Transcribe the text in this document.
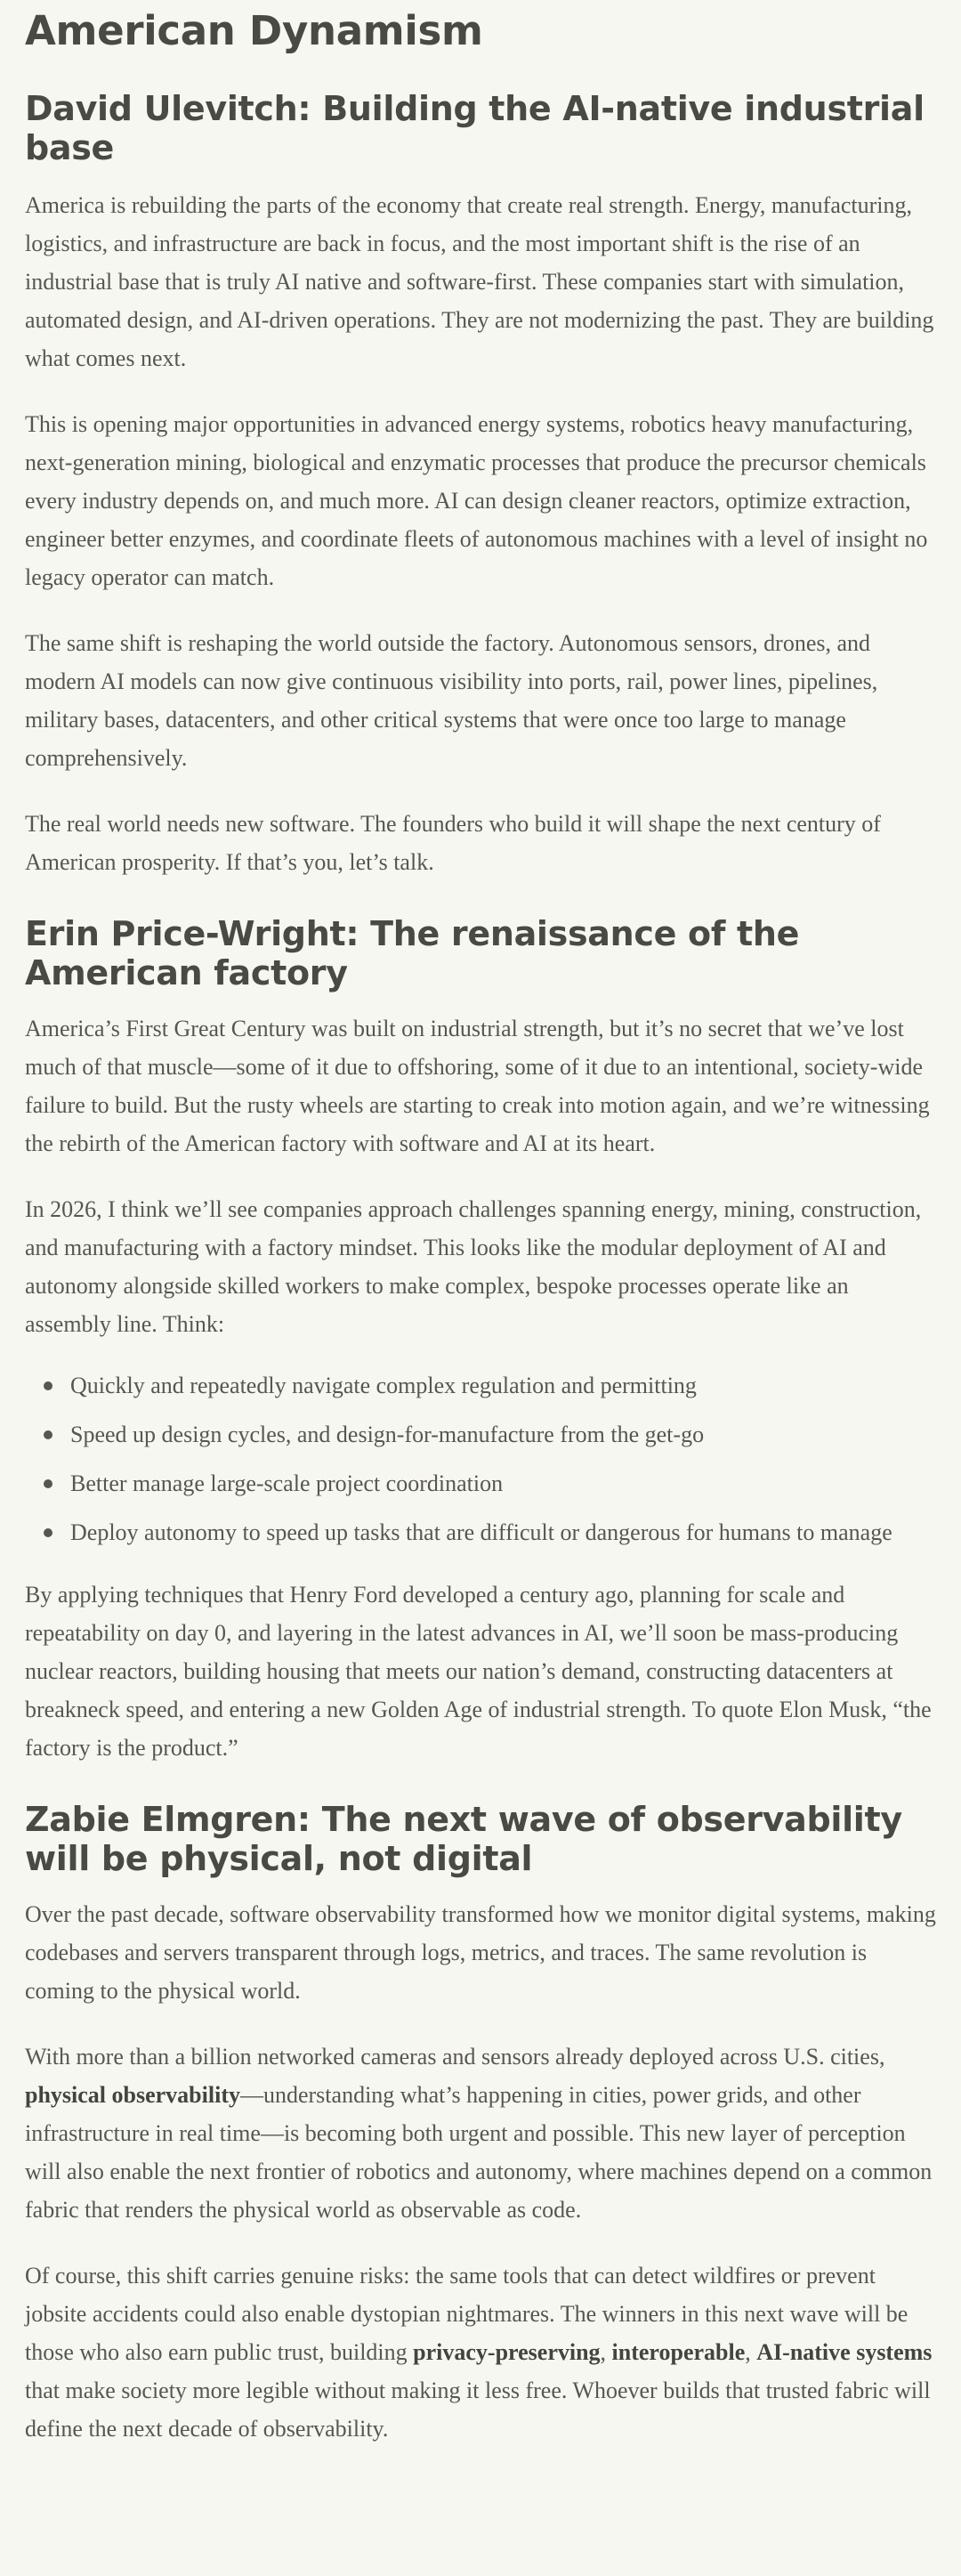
American Dynamism
David Ulevitch: Building the AI-native industrial base

America is rebuilding the parts of the economy that create real strength. Energy, manufacturing, logistics, and infrastructure are back in focus, and the most important shift is the rise of an industrial base that is truly AI native and software-first. These companies start with simulation, automated design, and AI-driven operations. They are not modernizing the past. They are building what comes next.

This is opening major opportunities in advanced energy systems, robotics heavy manufacturing, next-generation mining, biological and enzymatic processes that produce the precursor chemicals every industry depends on, and much more. AI can design cleaner reactors, optimize extraction, engineer better enzymes, and coordinate fleets of autonomous machines with a level of insight no legacy operator can match.

The same shift is reshaping the world outside the factory. Autonomous sensors, drones, and modern AI models can now give continuous visibility into ports, rail, power lines, pipelines, military bases, datacenters, and other critical systems that were once too large to manage comprehensively.

The real world needs new software. The founders who build it will shape the next century of American prosperity. If that’s you, let’s talk.

Erin Price-Wright: The renaissance of the American factory

America’s First Great Century was built on industrial strength, but it’s no secret that we’ve lost much of that muscle—some of it due to offshoring, some of it due to an intentional, society-wide failure to build. But the rusty wheels are starting to creak into motion again, and we’re witnessing the rebirth of the American factory with software and AI at its heart.

In 2026, I think we’ll see companies approach challenges spanning energy, mining, construction, and manufacturing with a factory mindset. This looks like the modular deployment of AI and autonomy alongside skilled workers to make complex, bespoke processes operate like an assembly line. Think:

Quickly and repeatedly navigate complex regulation and permitting
Speed up design cycles, and design-for-manufacture from the get-go
Better manage large-scale project coordination
Deploy autonomy to speed up tasks that are difficult or dangerous for humans to manage

By applying techniques that Henry Ford developed a century ago, planning for scale and repeatability on day 0, and layering in the latest advances in AI, we’ll soon be mass-producing nuclear reactors, building housing that meets our nation’s demand, constructing datacenters at breakneck speed, and entering a new Golden Age of industrial strength. To quote Elon Musk, “the factory is the product.”

Zabie Elmgren: The next wave of observability will be physical, not digital

Over the past decade, software observability transformed how we monitor digital systems, making codebases and servers transparent through logs, metrics, and traces. The same revolution is coming to the physical world.

With more than a billion networked cameras and sensors already deployed across U.S. cities, physical observability—understanding what’s happening in cities, power grids, and other infrastructure in real time—is becoming both urgent and possible. This new layer of perception will also enable the next frontier of robotics and autonomy, where machines depend on a common fabric that renders the physical world as observable as code.

Of course, this shift carries genuine risks: the same tools that can detect wildfires or prevent jobsite accidents could also enable dystopian nightmares. The winners in this next wave will be those who also earn public trust, building privacy-preserving, interoperable, AI-native systems that make society more legible without making it less free. Whoever builds that trusted fabric will define the next decade of observability.
